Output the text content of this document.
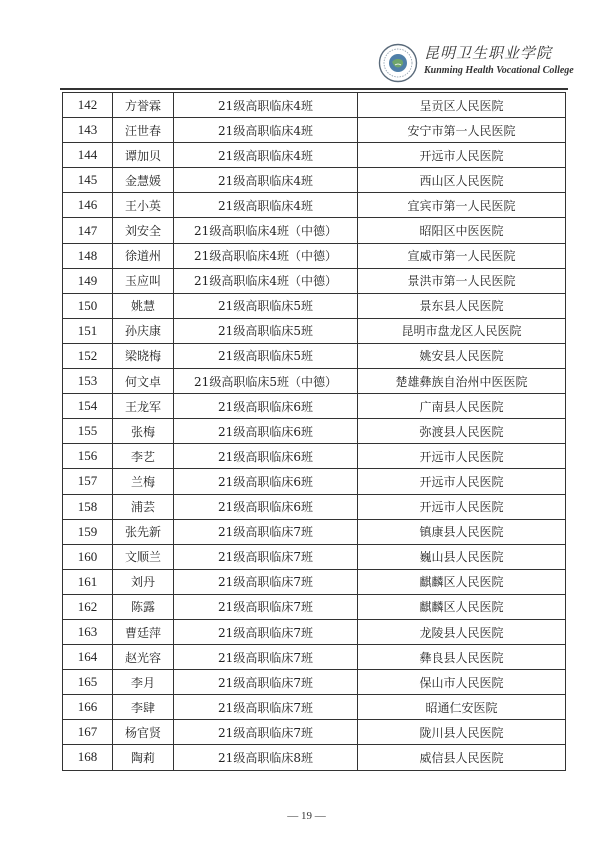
昆明卫生职业学院
Kunming Health Vocational College
142	方誉霖	21级高职临床4班	呈贡区人民医院
143	汪世春	21级高职临床4班	安宁市第一人民医院
144	谭加贝	21级高职临床4班	开远市人民医院
145	金慧媛	21级高职临床4班	西山区人民医院
146	王小英	21级高职临床4班	宜宾市第一人民医院
147	刘安全	21级高职临床4班（中德）	昭阳区中医医院
148	徐道州	21级高职临床4班（中德）	宣威市第一人民医院
149	玉应叫	21级高职临床4班（中德）	景洪市第一人民医院
150	姚慧	21级高职临床5班	景东县人民医院
151	孙庆康	21级高职临床5班	昆明市盘龙区人民医院
152	梁晓梅	21级高职临床5班	姚安县人民医院
153	何文卓	21级高职临床5班（中德）	楚雄彝族自治州中医医院
154	王龙军	21级高职临床6班	广南县人民医院
155	张梅	21级高职临床6班	弥渡县人民医院
156	李艺	21级高职临床6班	开远市人民医院
157	兰梅	21级高职临床6班	开远市人民医院
158	浦芸	21级高职临床6班	开远市人民医院
159	张先新	21级高职临床7班	镇康县人民医院
160	文顺兰	21级高职临床7班	巍山县人民医院
161	刘丹	21级高职临床7班	麒麟区人民医院
162	陈露	21级高职临床7班	麒麟区人民医院
163	曹廷萍	21级高职临床7班	龙陵县人民医院
164	赵光容	21级高职临床7班	彝良县人民医院
165	李月	21级高职临床7班	保山市人民医院
166	李肆	21级高职临床7班	昭通仁安医院
167	杨官贤	21级高职临床7班	陇川县人民医院
168	陶莉	21级高职临床8班	威信县人民医院
— 19 —
